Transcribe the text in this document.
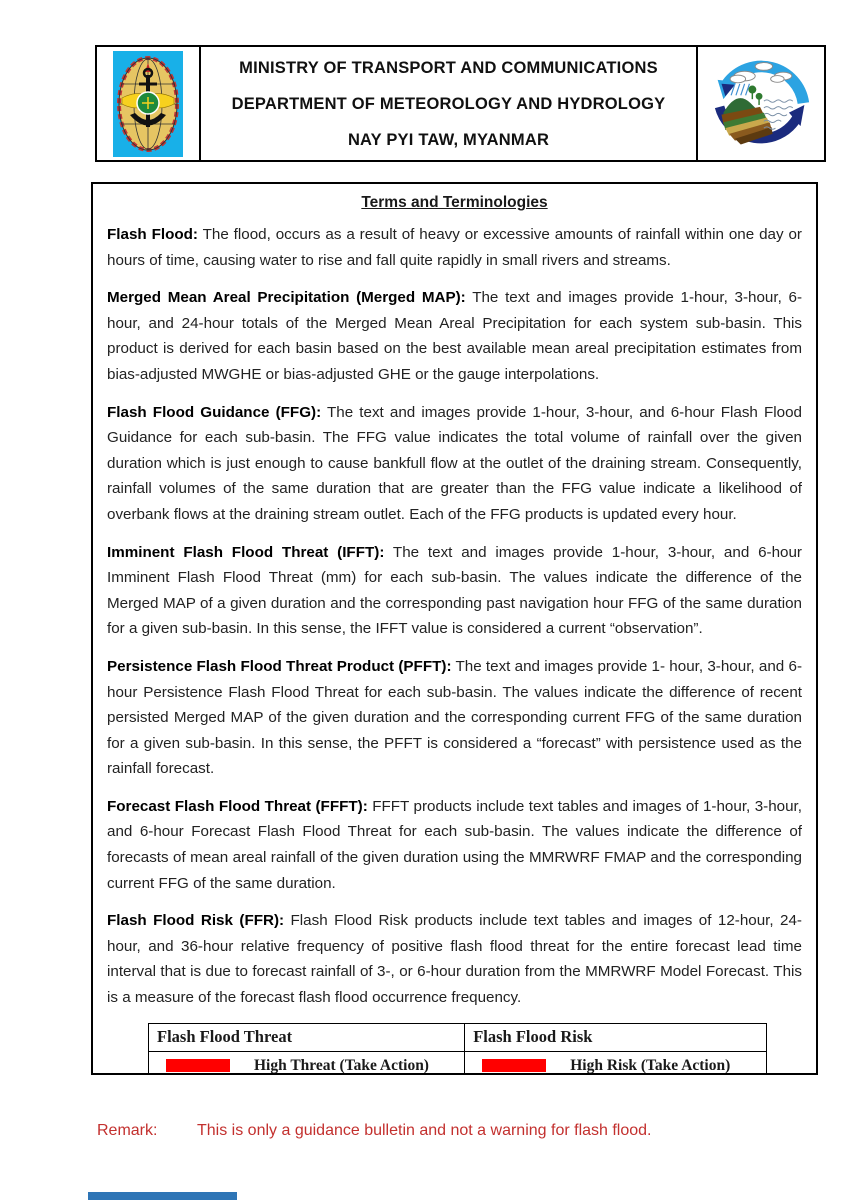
MINISTRY OF TRANSPORT AND COMMUNICATIONS
DEPARTMENT OF METEOROLOGY AND HYDROLOGY
NAY PYI TAW, MYANMAR
Terms and Terminologies

Flash Flood: The flood, occurs as a result of heavy or excessive amounts of rainfall within one day or hours of time, causing water to rise and fall quite rapidly in small rivers and streams.

Merged Mean Areal Precipitation (Merged MAP): The text and images provide 1-hour, 3-hour, 6-hour, and 24-hour totals of the Merged Mean Areal Precipitation for each system sub-basin. This product is derived for each basin based on the best available mean areal precipitation estimates from bias-adjusted MWGHE or bias-adjusted GHE or the gauge interpolations.

Flash Flood Guidance (FFG): The text and images provide 1-hour, 3-hour, and 6-hour Flash Flood Guidance for each sub-basin. The FFG value indicates the total volume of rainfall over the given duration which is just enough to cause bankfull flow at the outlet of the draining stream. Consequently, rainfall volumes of the same duration that are greater than the FFG value indicate a likelihood of overbank flows at the draining stream outlet. Each of the FFG products is updated every hour.

Imminent Flash Flood Threat (IFFT): The text and images provide 1-hour, 3-hour, and 6-hour Imminent Flash Flood Threat (mm) for each sub-basin. The values indicate the difference of the Merged MAP of a given duration and the corresponding past navigation hour FFG of the same duration for a given sub-basin. In this sense, the IFFT value is considered a current “observation”.

Persistence Flash Flood Threat Product (PFFT): The text and images provide 1- hour, 3-hour, and 6-hour Persistence Flash Flood Threat for each sub-basin. The values indicate the difference of recent persisted Merged MAP of the given duration and the corresponding current FFG of the same duration for a given sub-basin. In this sense, the PFFT is considered a “forecast” with persistence used as the rainfall forecast.

Forecast Flash Flood Threat (FFFT): FFFT products include text tables and images of 1-hour, 3-hour, and 6-hour Forecast Flash Flood Threat for each sub-basin. The values indicate the difference of forecasts of mean areal rainfall of the given duration using the MMRWRF FMAP and the corresponding current FFG of the same duration.

Flash Flood Risk (FFR): Flash Flood Risk products include text tables and images of 12-hour, 24-hour, and 36-hour relative frequency of positive flash flood threat for the entire forecast lead time interval that is due to forecast rainfall of 3-, or 6-hour duration from the MMRWRF Model Forecast. This is a measure of the forecast flash flood occurrence frequency.

Flash Flood Threat	Flash Flood Risk

High Threat (Take Action)	High Risk (Take Action)

Remark: This is only a guidance bulletin and not a warning for flash flood.
